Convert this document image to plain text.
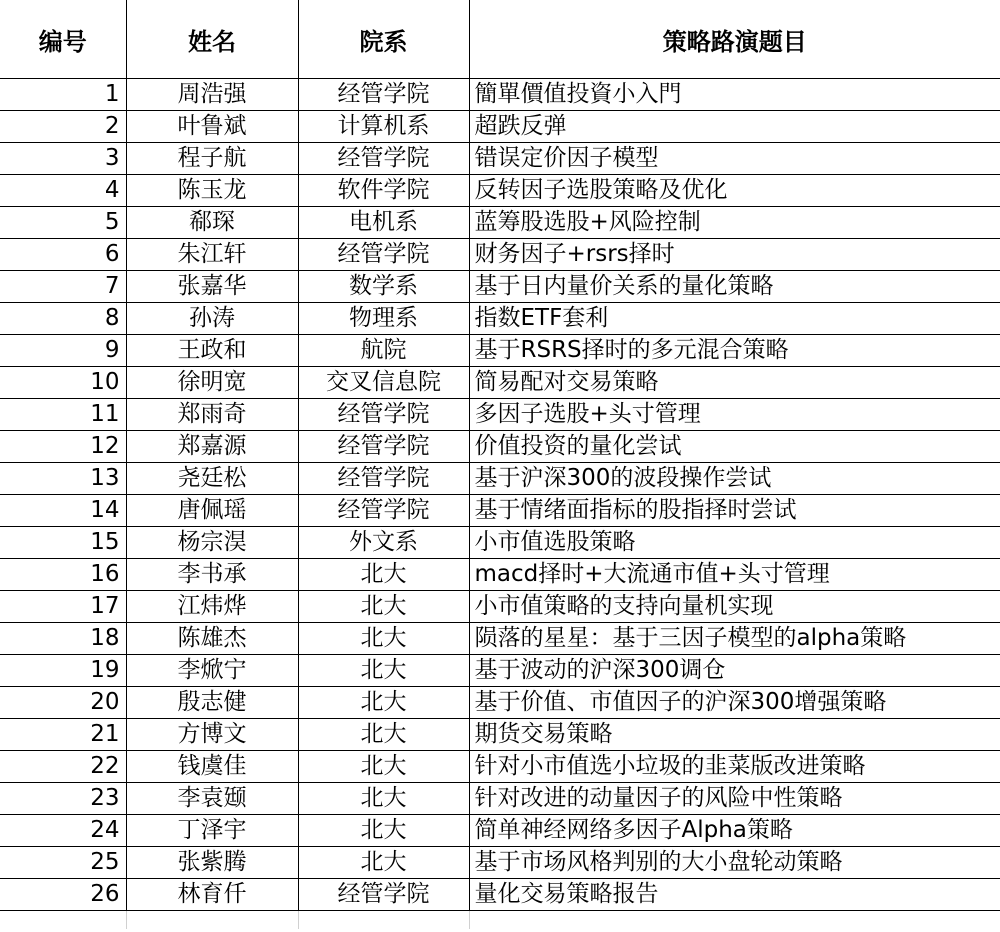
编号	姓名	院系	策略路演题目
1	周浩强	经管学院	簡單價值投資小入門
2	叶鲁斌	计算机系	超跌反弹
3	程子航	经管学院	错误定价因子模型
4	陈玉龙	软件学院	反转因子选股策略及优化
5	郗琛	电机系	蓝筹股选股+风险控制
6	朱江轩	经管学院	财务因子+rsrs择时
7	张嘉华	数学系	基于日内量价关系的量化策略
8	孙涛	物理系	指数ETF套利
9	王政和	航院	基于RSRS择时的多元混合策略
10	徐明宽	交叉信息院	简易配对交易策略
11	郑雨奇	经管学院	多因子选股+头寸管理
12	郑嘉源	经管学院	价值投资的量化尝试
13	尧廷松	经管学院	基于沪深300的波段操作尝试
14	唐佩瑶	经管学院	基于情绪面指标的股指择时尝试
15	杨宗淏	外文系	小市值选股策略
16	李书承	北大	macd择时+大流通市值+头寸管理
17	江炜烨	北大	小市值策略的支持向量机实现
18	陈雄杰	北大	陨落的星星：基于三因子模型的alpha策略
19	李焮宁	北大	基于波动的沪深300调仓
20	殷志健	北大	基于价值、市值因子的沪深300增强策略
21	方博文	北大	期货交易策略
22	钱虞佳	北大	针对小市值选小垃圾的韭菜版改进策略
23	李袁颋	北大	针对改进的动量因子的风险中性策略
24	丁泽宇	北大	简单神经网络多因子Alpha策略
25	张紫腾	北大	基于市场风格判别的大小盘轮动策略
26	林育仟	经管学院	量化交易策略报告
